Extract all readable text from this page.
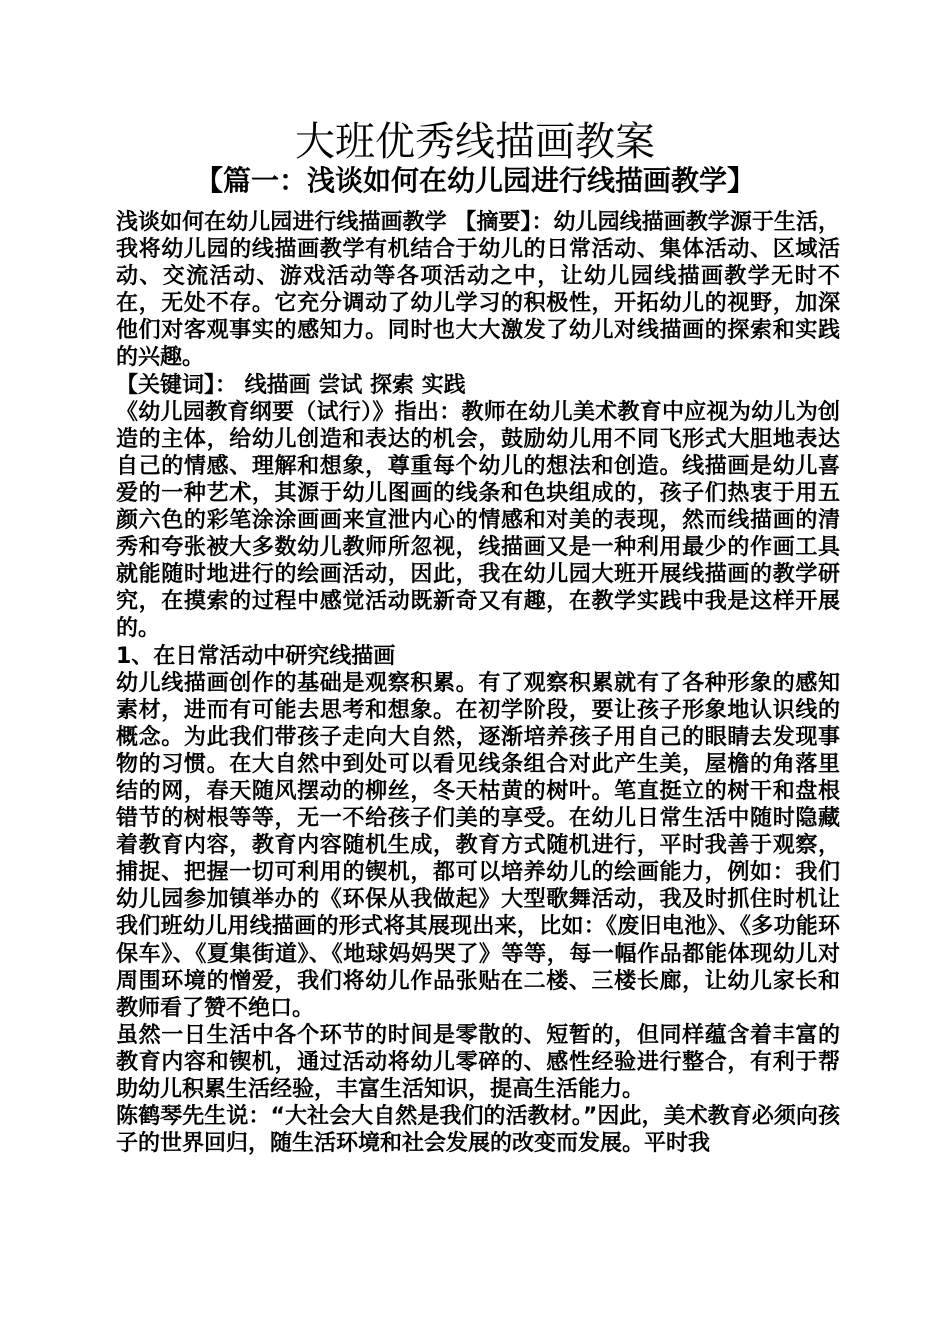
大班优秀线描画教案
【篇一：浅谈如何在幼儿园进行线描画教学】

浅谈如何在幼儿园进行线描画教学 【摘要】：幼儿园线描画教学源于生活，我将幼儿园的线描画教学有机结合于幼儿的日常活动、集体活动、区域活动、交流活动、游戏活动等各项活动之中，让幼儿园线描画教学无时不在，无处不存。它充分调动了幼儿学习的积极性，开拓幼儿的视野，加深他们对客观事实的感知力。同时也大大激发了幼儿对线描画的探索和实践的兴趣。

【关键词】： 线描画 尝试 探索 实践

《幼儿园教育纲要（试行）》指出：教师在幼儿美术教育中应视为幼儿为创造的主体，给幼儿创造和表达的机会，鼓励幼儿用不同飞形式大胆地表达自己的情感、理解和想象，尊重每个幼儿的想法和创造。线描画是幼儿喜爱的一种艺术，其源于幼儿图画的线条和色块组成的，孩子们热衷于用五颜六色的彩笔涂涂画画来宣泄内心的情感和对美的表现，然而线描画的清秀和夸张被大多数幼儿教师所忽视，线描画又是一种利用最少的作画工具就能随时地进行的绘画活动，因此，我在幼儿园大班开展线描画的教学研究，在摸索的过程中感觉活动既新奇又有趣，在教学实践中我是这样开展的。

1、在日常活动中研究线描画

幼儿线描画创作的基础是观察积累。有了观察积累就有了各种形象的感知素材，进而有可能去思考和想象。在初学阶段，要让孩子形象地认识线的概念。为此我们带孩子走向大自然，逐渐培养孩子用自己的眼睛去发现事物的习惯。在大自然中到处可以看见线条组合对此产生美，屋檐的角落里结的网，春天随风摆动的柳丝，冬天枯黄的树叶。笔直挺立的树干和盘根错节的树根等等，无一不给孩子们美的享受。在幼儿日常生活中随时隐藏着教育内容，教育内容随机生成，教育方式随机进行，平时我善于观察，捕捉、把握一切可利用的锲机，都可以培养幼儿的绘画能力，例如：我们幼儿园参加镇举办的《环保从我做起》大型歌舞活动，我及时抓住时机让我们班幼儿用线描画的形式将其展现出来，比如：《废旧电池》、《多功能环保车》、《夏集街道》、《地球妈妈哭了》等等，每一幅作品都能体现幼儿对周围环境的憎爱，我们将幼儿作品张贴在二楼、三楼长廊，让幼儿家长和教师看了赞不绝口。

虽然一日生活中各个环节的时间是零散的、短暂的，但同样蕴含着丰富的教育内容和锲机，通过活动将幼儿零碎的、感性经验进行整合，有利于帮助幼儿积累生活经验，丰富生活知识，提高生活能力。

陈鹤琴先生说：“大社会大自然是我们的活教材。”因此，美术教育必须向孩子的世界回归，随生活环境和社会发展的改变而发展。平时我
